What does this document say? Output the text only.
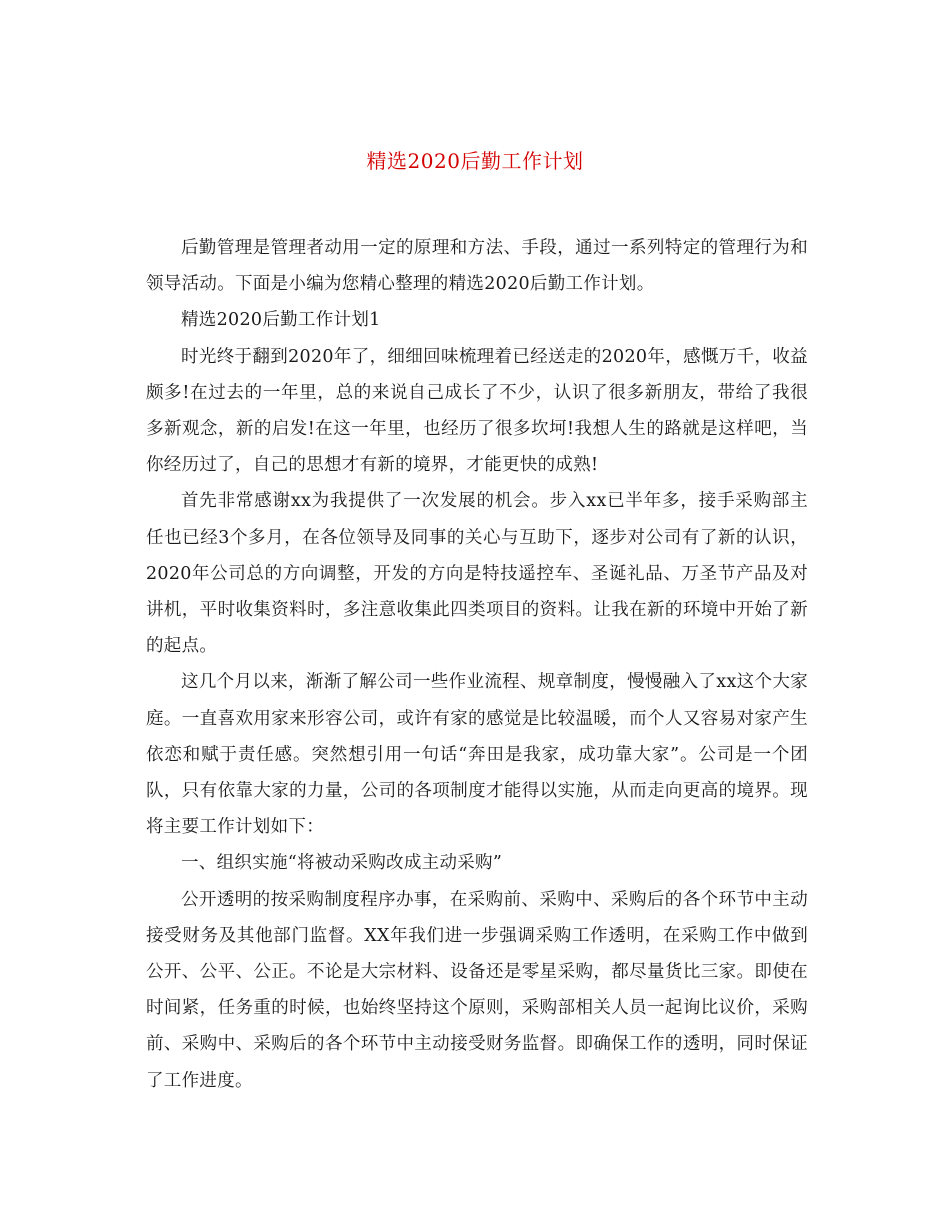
精选2020后勤工作计划

后勤管理是管理者动用一定的原理和方法、手段，通过一系列特定的管理行为和领导活动。下面是小编为您精心整理的精选2020后勤工作计划。

精选2020后勤工作计划1

时光终于翻到2020年了，细细回味梳理着已经送走的2020年，感慨万千，收益颇多!在过去的一年里，总的来说自己成长了不少，认识了很多新朋友，带给了我很多新观念，新的启发!在这一年里，也经历了很多坎坷!我想人生的路就是这样吧，当你经历过了，自己的思想才有新的境界，才能更快的成熟!

首先非常感谢xx为我提供了一次发展的机会。步入xx已半年多，接手采购部主任也已经3个多月，在各位领导及同事的关心与互助下，逐步对公司有了新的认识，2020年公司总的方向调整，开发的方向是特技遥控车、圣诞礼品、万圣节产品及对讲机，平时收集资料时，多注意收集此四类项目的资料。让我在新的环境中开始了新的起点。

这几个月以来，渐渐了解公司一些作业流程、规章制度，慢慢融入了xx这个大家庭。一直喜欢用家来形容公司，或许有家的感觉是比较温暖，而个人又容易对家产生依恋和赋于责任感。突然想引用一句话“奔田是我家，成功靠大家”。公司是一个团队，只有依靠大家的力量，公司的各项制度才能得以实施，从而走向更高的境界。现将主要工作计划如下：

一、组织实施“将被动采购改成主动采购”

公开透明的按采购制度程序办事，在采购前、采购中、采购后的各个环节中主动接受财务及其他部门监督。XX年我们进一步强调采购工作透明，在采购工作中做到公开、公平、公正。不论是大宗材料、设备还是零星采购，都尽量货比三家。即使在时间紧，任务重的时候，也始终坚持这个原则，采购部相关人员一起询比议价，采购前、采购中、采购后的各个环节中主动接受财务监督。即确保工作的透明，同时保证了工作进度。
